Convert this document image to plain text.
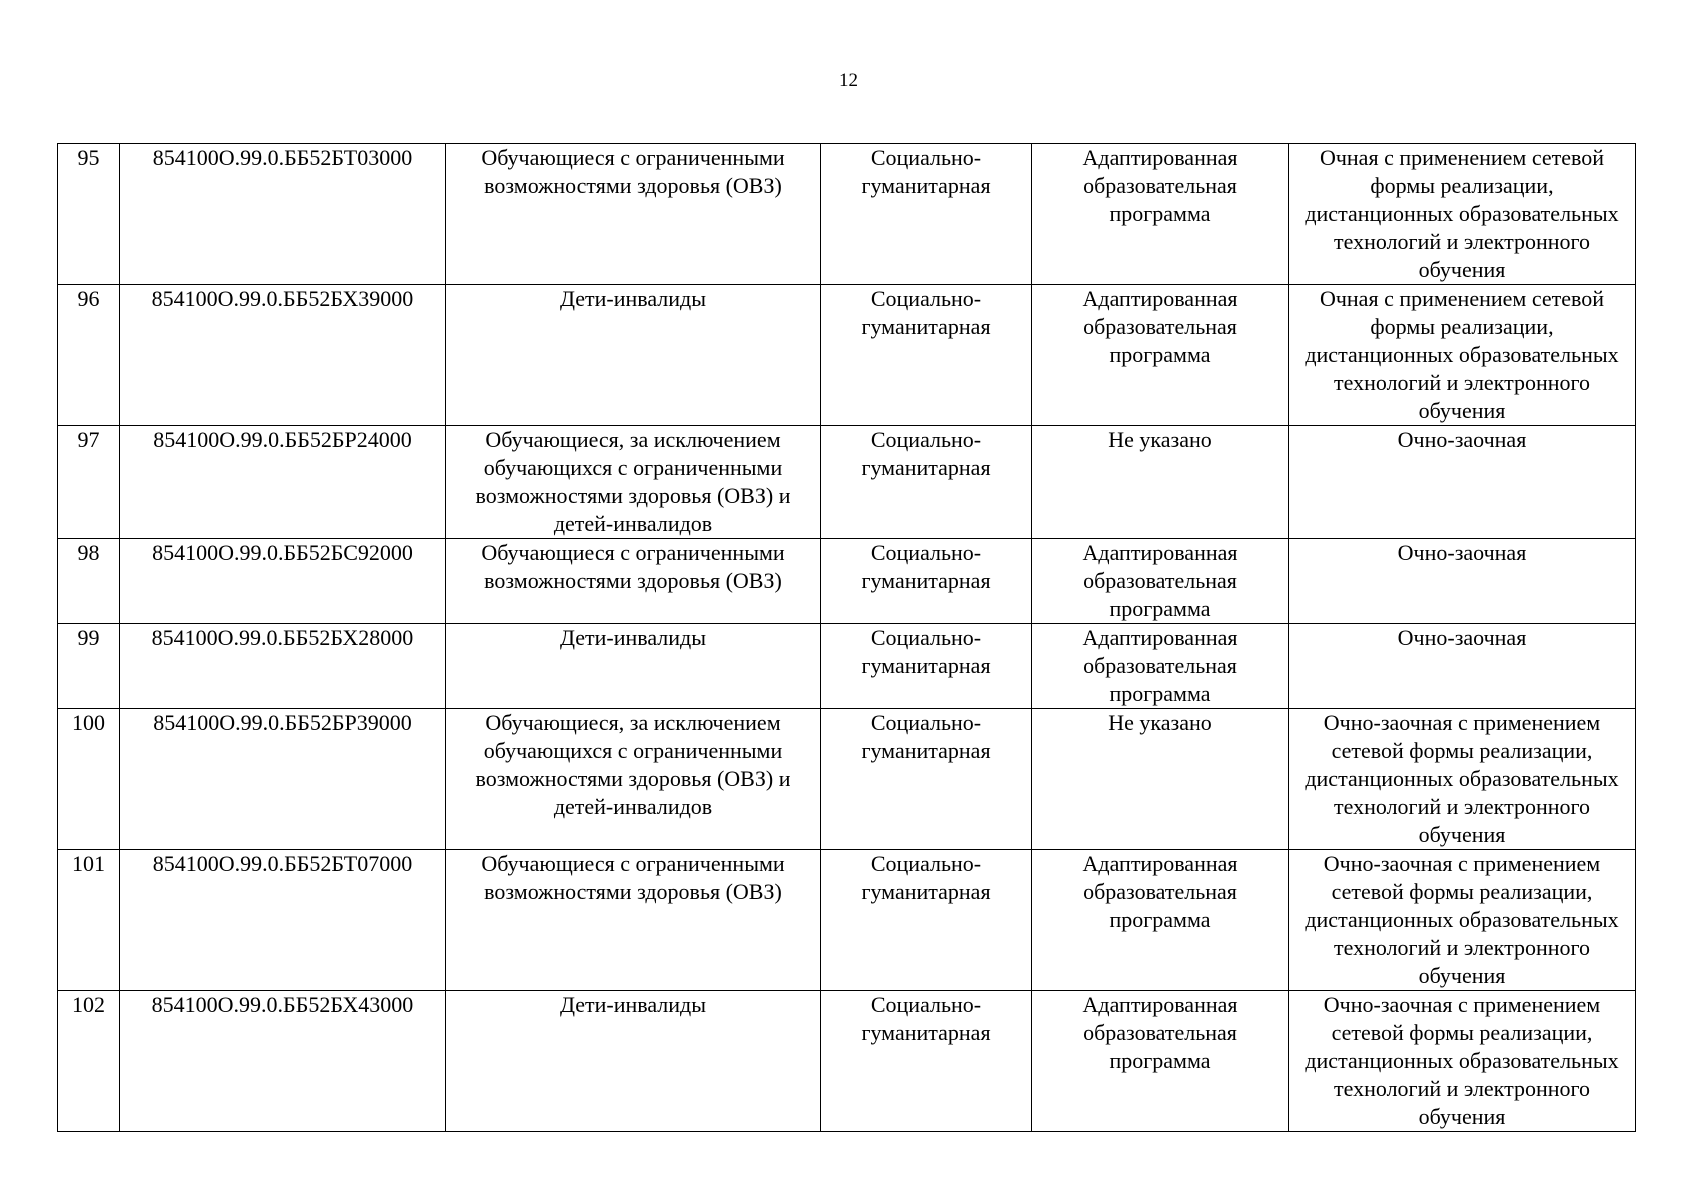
12
95	854100О.99.0.ББ52БТ03000	Обучающиеся с ограниченными возможностями здоровья (ОВЗ)	Социально-гуманитарная	Адаптированная образовательная программа	Очная с применением сетевой формы реализации, дистанционных образовательных технологий и электронного обучения
96	854100О.99.0.ББ52БХ39000	Дети-инвалиды	Социально-гуманитарная	Адаптированная образовательная программа	Очная с применением сетевой формы реализации, дистанционных образовательных технологий и электронного обучения
97	854100О.99.0.ББ52БР24000	Обучающиеся, за исключением обучающихся с ограниченными возможностями здоровья (ОВЗ) и детей-инвалидов	Социально-гуманитарная	Не указано	Очно-заочная
98	854100О.99.0.ББ52БС92000	Обучающиеся с ограниченными возможностями здоровья (ОВЗ)	Социально-гуманитарная	Адаптированная образовательная программа	Очно-заочная
99	854100О.99.0.ББ52БХ28000	Дети-инвалиды	Социально-гуманитарная	Адаптированная образовательная программа	Очно-заочная
100	854100О.99.0.ББ52БР39000	Обучающиеся, за исключением обучающихся с ограниченными возможностями здоровья (ОВЗ) и детей-инвалидов	Социально-гуманитарная	Не указано	Очно-заочная с применением сетевой формы реализации, дистанционных образовательных технологий и электронного обучения
101	854100О.99.0.ББ52БТ07000	Обучающиеся с ограниченными возможностями здоровья (ОВЗ)	Социально-гуманитарная	Адаптированная образовательная программа	Очно-заочная с применением сетевой формы реализации, дистанционных образовательных технологий и электронного обучения
102	854100О.99.0.ББ52БХ43000	Дети-инвалиды	Социально-гуманитарная	Адаптированная образовательная программа	Очно-заочная с применением сетевой формы реализации, дистанционных образовательных технологий и электронного обучения
